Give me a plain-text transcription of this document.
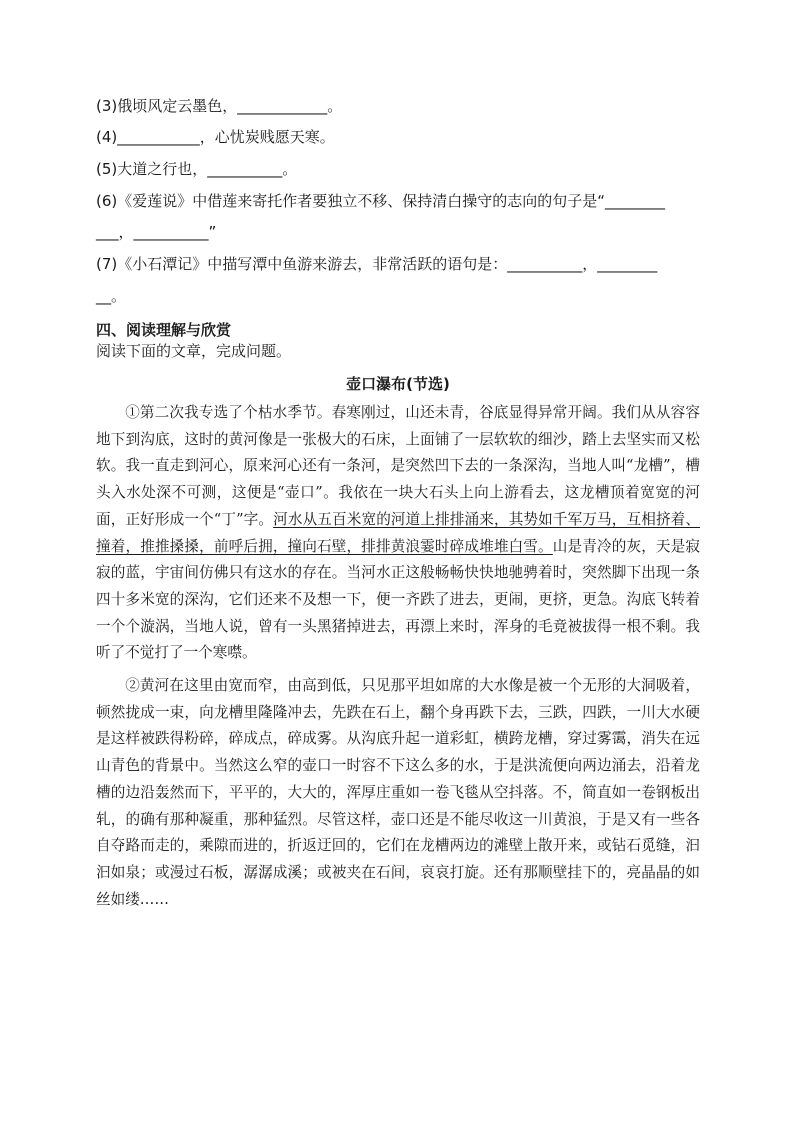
(3)俄顷风定云墨色，____________。
(4)___________，心忧炭贱愿天寒。
(5)大道之行也，__________。
(6)《爱莲说》中借莲来寄托作者要独立不移、保持清白操守的志向的句子是“________
___，__________”
(7)《小石潭记》中描写潭中鱼游来游去，非常活跃的语句是：__________，________
__。
四、阅读理解与欣赏
阅读下面的文章，完成问题。
壶口瀑布(节选)

①第二次我专选了个枯水季节。春寒刚过，山还未青，谷底显得异常开阔。我们从从容容地下到沟底，这时的黄河像是一张极大的石床，上面铺了一层软软的细沙，踏上去坚实而又松软。我一直走到河心，原来河心还有一条河，是突然凹下去的一条深沟，当地人叫“龙槽”，槽头入水处深不可测，这便是“壶口”。我依在一块大石头上向上游看去，这龙槽顶着宽宽的河面，正好形成一个“丁”字。河水从五百米宽的河道上排排涌来，其势如千军万马，互相挤着、撞着，推推搡搡，前呼后拥，撞向石壁，排排黄浪霎时碎成堆堆白雪。山是青冷的灰，天是寂寂的蓝，宇宙间仿佛只有这水的存在。当河水正这般畅畅快快地驰骋着时，突然脚下出现一条四十多米宽的深沟，它们还来不及想一下，便一齐跌了进去，更闹，更挤，更急。沟底飞转着一个个漩涡，当地人说，曾有一头黑猪掉进去，再漂上来时，浑身的毛竟被拔得一根不剩。我听了不觉打了一个寒噤。

②黄河在这里由宽而窄，由高到低，只见那平坦如席的大水像是被一个无形的大洞吸着，顿然拢成一束，向龙槽里隆隆冲去，先跌在石上，翻个身再跌下去，三跌，四跌，一川大水硬是这样被跌得粉碎，碎成点，碎成雾。从沟底升起一道彩虹，横跨龙槽，穿过雾霭，消失在远山青色的背景中。当然这么窄的壶口一时容不下这么多的水，于是洪流便向两边涌去，沿着龙槽的边沿轰然而下，平平的，大大的，浑厚庄重如一卷飞毯从空抖落。不，简直如一卷钢板出轧，的确有那种凝重，那种猛烈。尽管这样，壶口还是不能尽收这一川黄浪，于是又有一些各自夺路而走的，乘隙而进的，折返迂回的，它们在龙槽两边的滩壁上散开来，或钻石觅缝，汩汩如泉；或漫过石板，潺潺成溪；或被夹在石间，哀哀打旋。还有那顺壁挂下的，亮晶晶的如丝如缕……
